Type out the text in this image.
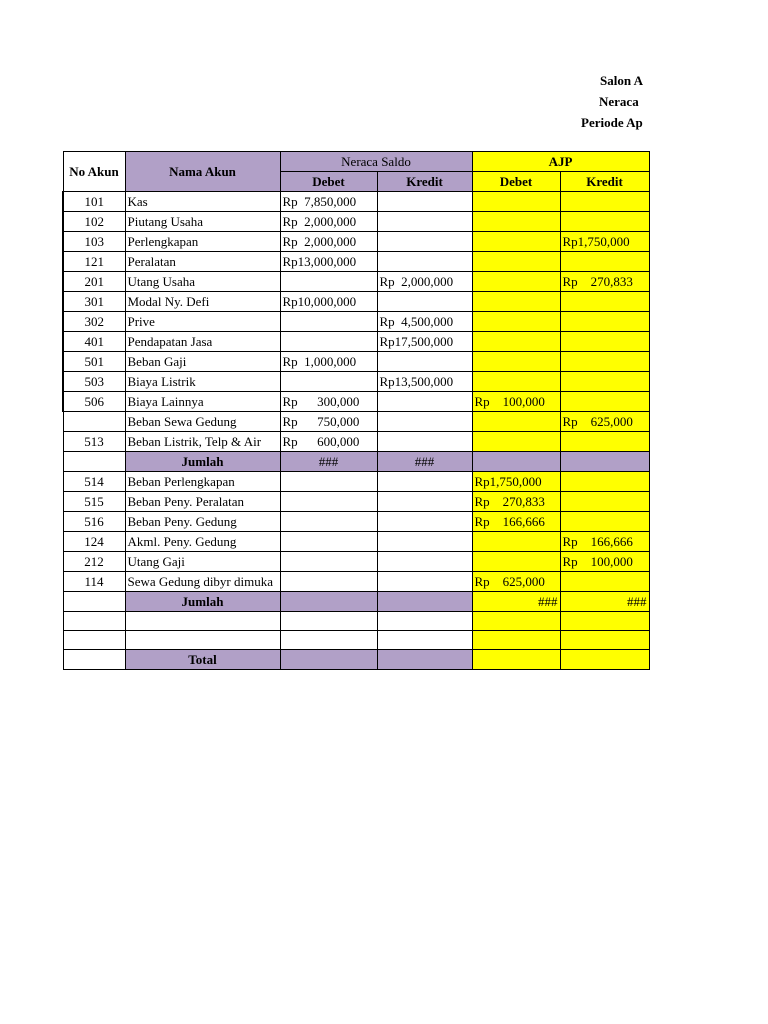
Salon A
Neraca
Periode Ap
No Akun	Nama Akun	Neraca Saldo		AJP	
		Debet	Kredit	Debet	Kredit
101	Kas	Rp  7,850,000			
102	Piutang Usaha	Rp  2,000,000			
103	Perlengkapan	Rp  2,000,000			Rp1,750,000
121	Peralatan	Rp13,000,000			
201	Utang Usaha		Rp  2,000,000		Rp    270,833
301	Modal Ny. Defi	Rp10,000,000			
302	Prive		Rp  4,500,000		
401	Pendapatan Jasa		Rp17,500,000		
501	Beban Gaji	Rp  1,000,000			
503	Biaya Listrik		Rp13,500,000		
506	Biaya Lainnya	Rp      300,000		Rp    100,000	
	Beban Sewa Gedung	Rp      750,000			Rp    625,000
513	Beban Listrik, Telp & Air	Rp      600,000			
	Jumlah	###	###		
514	Beban Perlengkapan			Rp1,750,000	
515	Beban Peny. Peralatan			Rp    270,833	
516	Beban Peny. Gedung			Rp    166,666	
124	Akml. Peny. Gedung				Rp    166,666
212	Utang Gaji				Rp    100,000
114	Sewa Gedung dibyr dimuka			Rp    625,000	
	Jumlah			###	###

	Total				
